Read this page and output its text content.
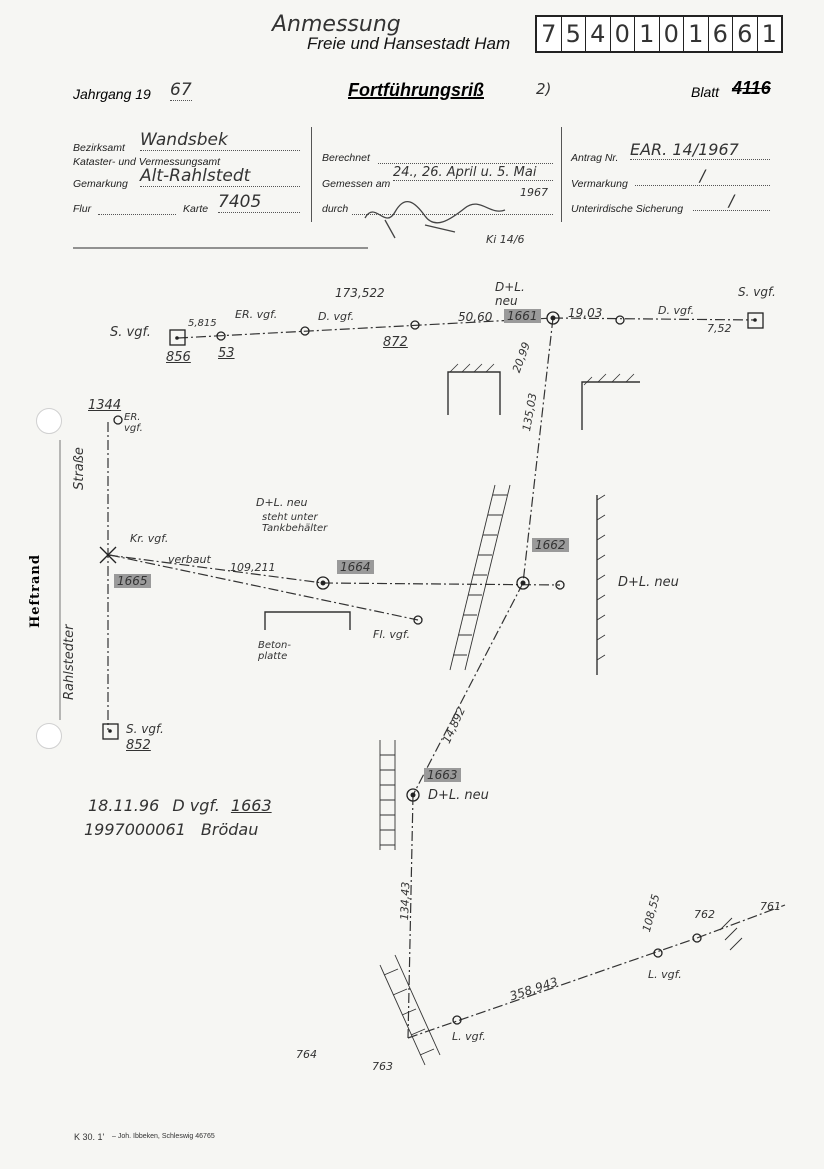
Anmessung
Freie und Hansestadt Ham 7 5 4 0 1 0 1 6 6 1
Jahrgang 19 67	Fortführungsriß	2)	Blatt 4116
Bezirksamt Wandsbek
Kataster- und Vermessungsamt
Gemarkung Alt-Rahlstedt
Flur	Karte 7405
Berechnet
Gemessen am
24., 26. April u. 5. Mai
1967
durch
Antrag Nr. EAR. 14/1967
Vermarkung	/
Unterirdische Sicherung	/
Heftrand
S. vgf.
856
ER. vgf.
53
D. vgf.
872
173,522
50,60	19,03
7,52
5,815
D. vgf.
S. vgf.
D+L. neu
Ki 14/6
1661
1662
1663
1664
1665
1344
ER. vgf.
Straße
Rahlstedter
Kr. vgf.
verbaut
109,211
D+L. neu
steht unter Tankbehälter
Beton-platte
Fl. vgf.
D+L. neu
135,03
20,99
S. vgf.
852
14,892
D+L. neu
134,43
358,943
108,55
L. vgf.
L. vgf.
762
761
763
764
18.11.96 D vgf. 1663
1997000061 Brödau
K 30. 1' – Joh. Ibbeken, Schleswig 46765
